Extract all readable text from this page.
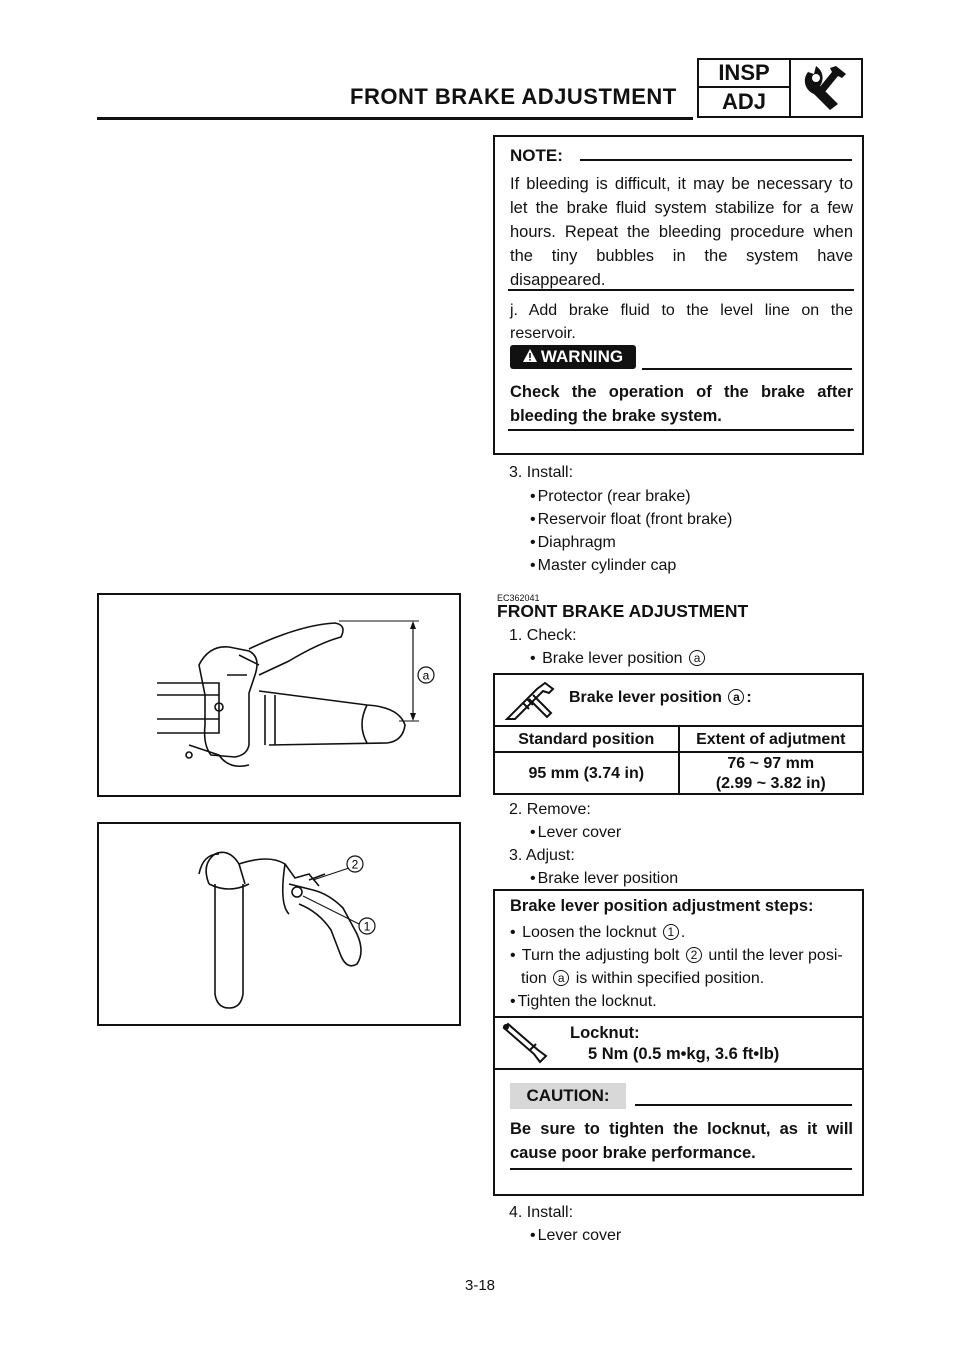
FRONT BRAKE ADJUSTMENT
INSP
ADJ
NOTE:
If bleeding is difficult, it may be necessary to let the brake fluid system stabilize for a few hours. Repeat the bleeding procedure when the tiny bubbles in the system have disappeared.
j. Add brake fluid to the level line on the reservoir.
WARNING
Check the operation of the brake after bleeding the brake system.
3. Install:
• Protector (rear brake)
• Reservoir float (front brake)
• Diaphragm
• Master cylinder cap
EC362041
FRONT BRAKE ADJUSTMENT
1. Check:
• Brake lever position a
Brake lever position a :
Standard position	Extent of adjutment
95 mm (3.74 in)
76 ~ 97 mm
(2.99 ~ 3.82 in)
2. Remove:
• Lever cover
3. Adjust:
• Brake lever position
Brake lever position adjustment steps:
• Loosen the locknut 1 .
• Turn the adjusting bolt 2 until the lever posi-
tion a is within specified position.
• Tighten the locknut.
Locknut:
5 Nm (0.5 m•kg, 3.6 ft•lb)
CAUTION:
Be sure to tighten the locknut, as it will cause poor brake performance.
4. Install:
• Lever cover
a
1
2
3-18
